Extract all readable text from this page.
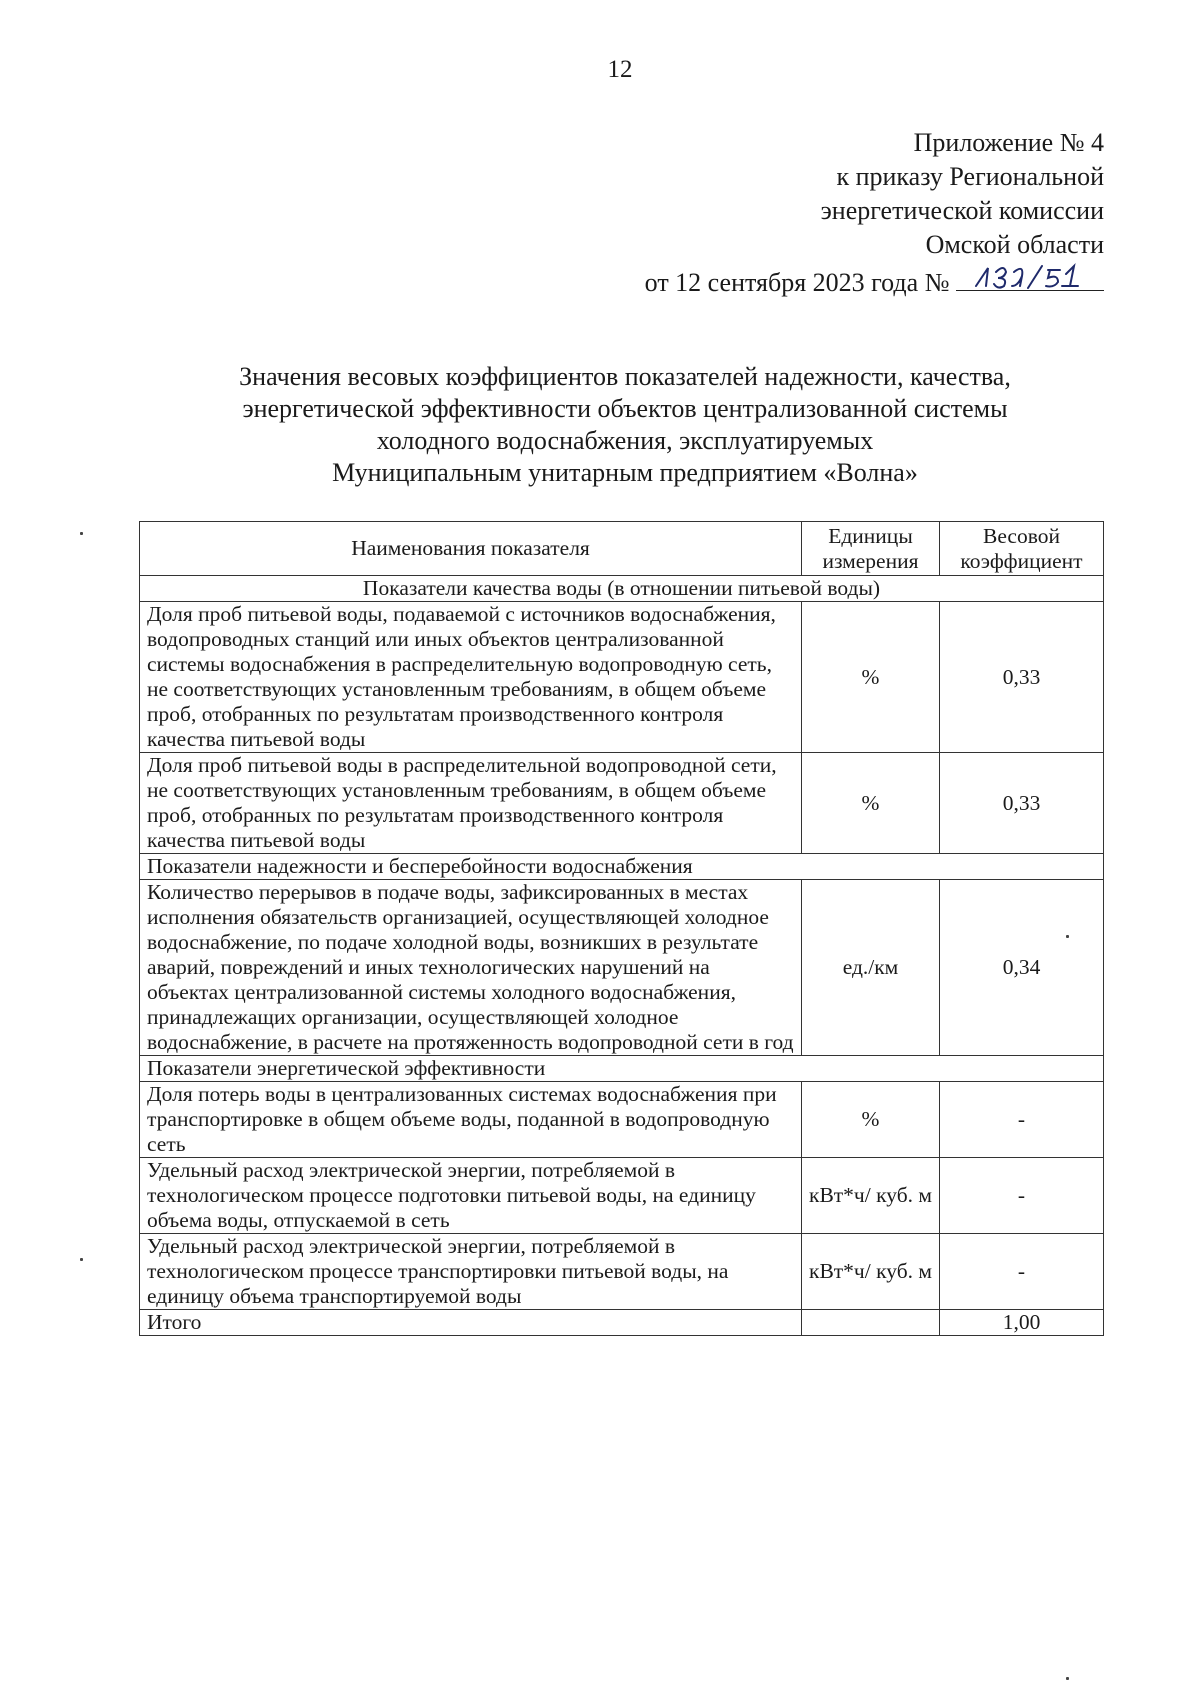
12
Приложение № 4
к приказу Региональной
энергетической комиссии
Омской области
от 12 сентября 2023 года №
Значения весовых коэффициентов показателей надежности, качества,
энергетической эффективности объектов централизованной системы
холодного водоснабжения, эксплуатируемых
Муниципальным унитарным предприятием «Волна»
Наименования показателя	Единицы измерения	Весовой коэффициент
Показатели качества воды (в отношении питьевой воды)		
Доля проб питьевой воды, подаваемой с источников водоснабжения, водопроводных станций или иных объектов централизованной системы водоснабжения в распределительную водопроводную сеть, не соответствующих установленным требованиям, в общем объеме проб, отобранных по результатам производственного контроля качества питьевой воды	%	0,33
Доля проб питьевой воды в распределительной водопроводной сети, не соответствующих установленным требованиям, в общем объеме проб, отобранных по результатам производственного контроля качества питьевой воды	%	0,33
Показатели надежности и бесперебойности водоснабжения		
Количество перерывов в подаче воды, зафиксированных в местах исполнения обязательств организацией, осуществляющей холодное водоснабжение, по подаче холодной воды, возникших в результате аварий, повреждений и иных технологических нарушений на объектах централизованной системы холодного водоснабжения, принадлежащих организации, осуществляющей холодное водоснабжение, в расчете на протяженность водопроводной сети в год	ед./км	0,34
Показатели энергетической эффективности		
Доля потерь воды в централизованных системах водоснабжения при транспортировке в общем объеме воды, поданной в водопроводную сеть	%	-
Удельный расход электрической энергии, потребляемой в технологическом процессе подготовки питьевой воды, на единицу объема воды, отпускаемой в сеть	кВт*ч/ куб. м	-
Удельный расход электрической энергии, потребляемой в технологическом процессе транспортировки питьевой воды, на единицу объема транспортируемой воды	кВт*ч/ куб. м	-
Итого		1,00
